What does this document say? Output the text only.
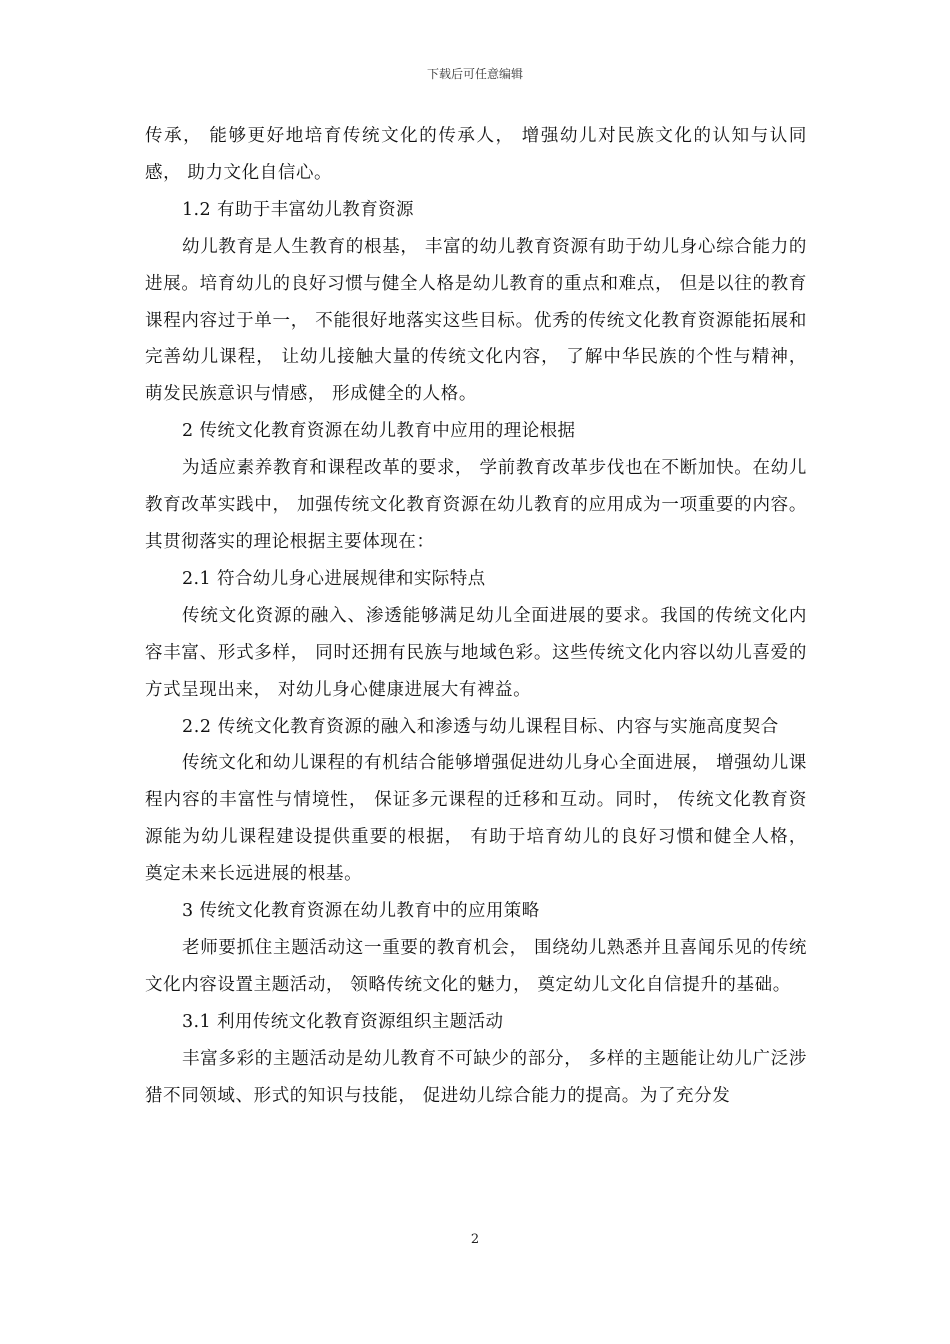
下载后可任意编辑

传承， 能够更好地培育传统文化的传承人， 增强幼儿对民族文化的认知与认同感， 助力文化自信心。

1.2 有助于丰富幼儿教育资源

幼儿教育是人生教育的根基， 丰富的幼儿教育资源有助于幼儿身心综合能力的进展。培育幼儿的良好习惯与健全人格是幼儿教育的重点和难点， 但是以往的教育课程内容过于单一， 不能很好地落实这些目标。优秀的传统文化教育资源能拓展和完善幼儿课程， 让幼儿接触大量的传统文化内容， 了解中华民族的个性与精神， 萌发民族意识与情感， 形成健全的人格。

2 传统文化教育资源在幼儿教育中应用的理论根据

为适应素养教育和课程改革的要求， 学前教育改革步伐也在不断加快。在幼儿教育改革实践中， 加强传统文化教育资源在幼儿教育的应用成为一项重要的内容。其贯彻落实的理论根据主要体现在：

2.1 符合幼儿身心进展规律和实际特点

传统文化资源的融入、渗透能够满足幼儿全面进展的要求。我国的传统文化内容丰富、形式多样， 同时还拥有民族与地域色彩。这些传统文化内容以幼儿喜爱的方式呈现出来， 对幼儿身心健康进展大有裨益。

2.2 传统文化教育资源的融入和渗透与幼儿课程目标、内容与实施高度契合

传统文化和幼儿课程的有机结合能够增强促进幼儿身心全面进展， 增强幼儿课程内容的丰富性与情境性， 保证多元课程的迁移和互动。同时， 传统文化教育资源能为幼儿课程建设提供重要的根据， 有助于培育幼儿的良好习惯和健全人格， 奠定未来长远进展的根基。

3 传统文化教育资源在幼儿教育中的应用策略

老师要抓住主题活动这一重要的教育机会， 围绕幼儿熟悉并且喜闻乐见的传统文化内容设置主题活动， 领略传统文化的魅力， 奠定幼儿文化自信提升的基础。

3.1 利用传统文化教育资源组织主题活动

丰富多彩的主题活动是幼儿教育不可缺少的部分， 多样的主题能让幼儿广泛涉猎不同领域、形式的知识与技能， 促进幼儿综合能力的提高。为了充分发

2
